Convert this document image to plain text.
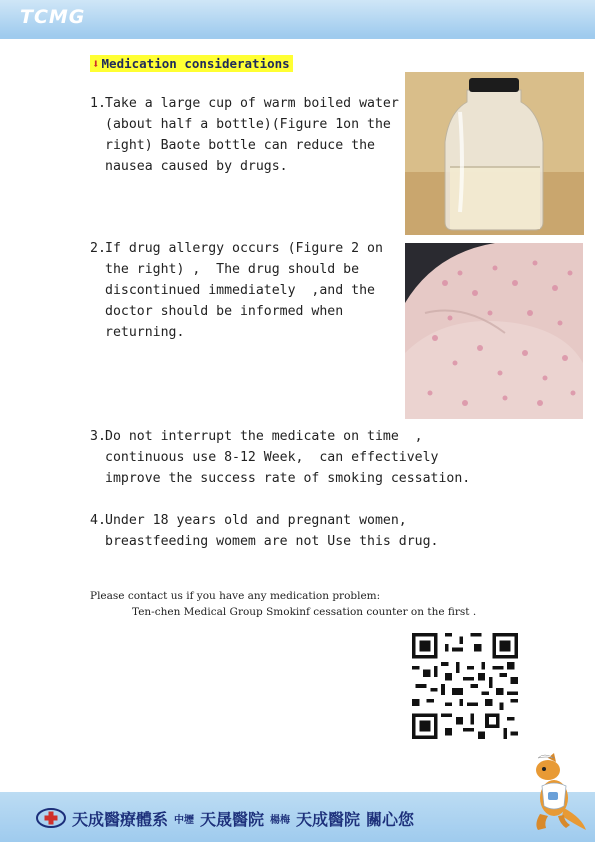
TCMG
⬇ Medication considerations
1. Take a large cup of warm boiled water
(about half a bottle)(Figure 1on the
right) Baote bottle can reduce the
nausea caused by drugs.
2. If drug allergy occurs (Figure 2 on
the right) ,  The drug should be
discontinued immediately  ,and the
doctor should be informed when
returning.
3. Do not interrupt the medicate on time  ,
continuous use 8-12 Week,  can effectively
improve the success rate of smoking cessation.
4. Under 18 years old and pregnant women,
breastfeeding womem are not Use this drug.
Please contact us if you have any medication problem:
Ten-chen Medical Group Smokinf cessation counter on the first .
天成醫療體系 中壢 天晟醫院 楊梅 天成醫院 關心您
